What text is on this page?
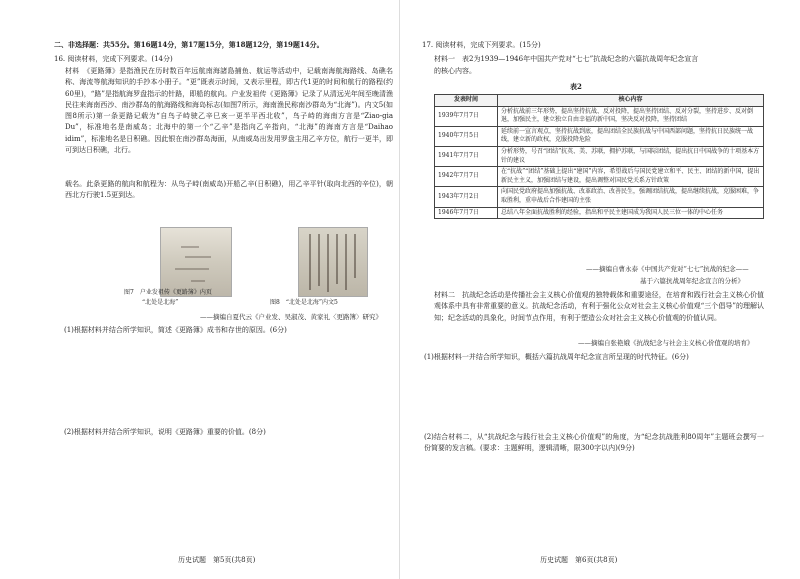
二、非选择题：共55分。第16题14分，第17题15分，第18题12分，第19题14分。
16. 阅读材料，完成下列要求。(14分)
材料　《更路簿》是指渔民在历时数百年远航南海諸島捕鱼、航运等活动中，记载南海航海路线、岛礁名称、海流等航海知识的手抄本小册子。“更”既表示时间，又表示里程，即古代1更的时间和航行的路程(约60里)，“路”是指航海罗盘指示的针路，即船的航向。户业发祖传《更路簿》记录了从清远光年间至晚清渔民往来海南西沙、南沙群岛的航海路线和海岛标志(如图7所示，海南渔民称南沙群岛为“北海”)。内文5(如图8所示)第一条更路记载为“自鸟子峙驶乙辛巳亥一更半平西北收”，鸟子峙的海南方言是“Ziao-gia Du”，标准地名是南威岛；北海中的第一个“乙辛”是指向乙辛指向，“北海”的海南方言是“Daihao idim”，标准地名是日积礁。因此银在南沙群岛海面，从南威岛出发用罗盘主用乙辛方位，航行一更半，即可到达日积礁，北行。
载名。此条更路的航向和航程为：从鸟子峙(南威岛)开船乙辛(日积礁)，用乙辛平针(取向北西的辛位)，朝西北方行驶1.5更到达。
图7　户业发祖传《更路簿》内页
“北处是北海”	图8　“北处是北海”内文5
——摘编自夏代云《户业发、吴淑茂、黄家礼〈更路簿〉研究》
(1)根据材料并结合所学知识，简述《更路簿》成书和存世的原因。(6分)
(2)根据材料并结合所学知识，说明《更路簿》重要的价值。(8分)
历史试题　第5页(共8页)
17. 阅读材料，完成下列要求。(15分)
材料一　表2为1939—1946年中国共产党对“七七”抗战纪念的六篇抗战周年纪念宣言
的核心内容。
表2
发表时间	核心内容
1939年7月7日	分析抗战前三年形势，提出坚持抗战、反对投降，提出坚持团结、反对分裂，坚持进步、反对倒退，加强民主，建立独立自由幸福的新中国，坚决反对投降，坚持团结
1940年7月5日	延续前一宣言观点，坚持抗战到底，提出团结全民族抗战与中国西部问题，坚持抗日民族统一战线，建立新的政权，克服投降危险
1941年7月7日	分析形势，号召“团结”抗英、美、苏联，拥护苏联，与国际团结，提出抗日中国战争的十项基本方针的建议
1942年7月7日	在“抗战”“团结”基础上提出“建国”内容，希望战后与国民党建立和平、民主、团结的新中国，提出新民主主义，加强团结与建设，提出调整对国民党关系方针政策
1943年7月2日	向国民党政府提出加强抗战、改革政治、改善民生，强调团结抗战，提出继续抗战，克服困难，争取胜利，重申战后合作建国的主张
1946年7月7日	总结八年全面抗战胜利的经验，指出和平民主建国成为我国人民三位一体的中心任务
——摘编自曹永泰《中国共产党对“七七”抗战的纪念——
基于六篇抗战周年纪念宣言的分析》
材料二　抗战纪念活动是传播社会主义核心价值观的独特载体和重要途径，在培育和践行社会主义核心价值观体系中具有非常重要的意义。抗战纪念活动，有利于强化公众对社会主义核心价值观“三个倡导”的理解认知；纪念活动的具象化，时间节点作用，有利于塑造公众对社会主义核心价值观的价值认同。
——摘编自张艳娥《抗战纪念与社会主义核心价值观的培育》
(1)根据材料一并结合所学知识，概括六篇抗战周年纪念宣言所呈现的时代特征。(6分)
(2)结合材料二，从“抗战纪念与践行社会主义核心价值观”的角度，为“纪念抗战胜利80周年”主题班会撰写一份简要的发言稿。(要求：主题鲜明，逻辑清晰，限300字以内)(9分)
历史试题　第6页(共8页)
